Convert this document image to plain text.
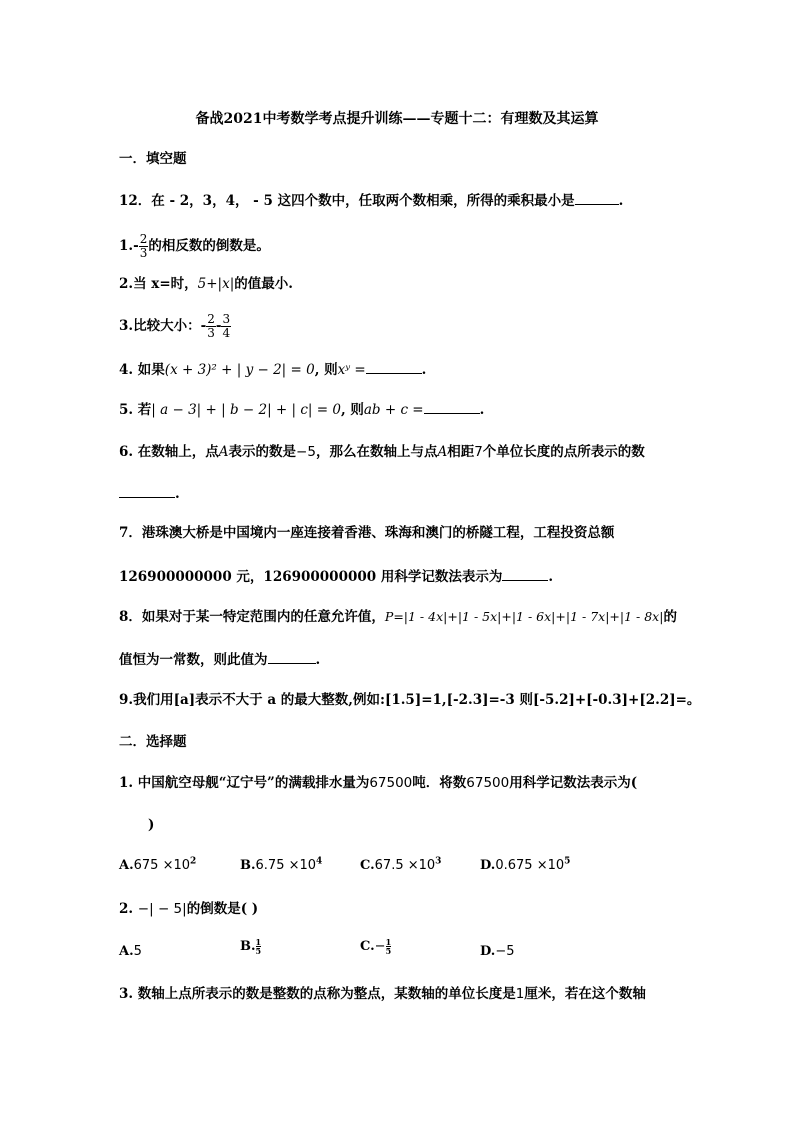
备战2021中考数学考点提升训练——专题十二：有理数及其运算
一．填空题
12．在 - 2，3，4， - 5 这四个数中，任取两个数相乘，所得的乘积最小是	.
$1.- \frac{2}{3}$ 的相反数的倒数是。
2.当 x=时，5+|x|的值最小.
3.比较大小：- $\frac{2}{3} - \frac{3}{4}$
4. 如果(x + 3)² + | y − 2| = 0, 则xʸ =	.
5. 若| a − 3| + | b − 2| + | c| = 0, 则ab + c =	.
6. 在数轴上，点A表示的数是−5，那么在数轴上与点A相距7个单位长度的点所表示的数
.
7．港珠澳大桥是中国境内一座连接着香港、珠海和澳门的桥隧工程，工程投资总额
126900000000 元，126900000000 用科学记数法表示为	.
8．如果对于某一特定范围内的任意允许值，P=|1 - 4x|+|1 - 5x|+|1 - 6x|+|1 - 7x|+|1 - 8x|的
值恒为一常数，则此值为	.
9.我们用[a]表示不大于 a 的最大整数,例如:[1.5]=1,[-2.3]=-3 则[-5.2]+[-0.3]+[2.2]=。
二．选择题
1. 中国航空母舰“辽宁号”的满载排水量为67500吨．将数67500用科学记数法表示为(
)
$A.675 \times 10^2$	$B.6.75 \times 10^4$	$C.67.5 \times 10^3$	$D.0.675 \times 10^5$
2. −| − 5|的倒数是( )
A.5	B. $\frac{1}{5}$	$C.- \frac{1}{5}$	D.−5
3. 数轴上点所表示的数是整数的点称为整点，某数轴的单位长度是1厘米，若在这个数轴
